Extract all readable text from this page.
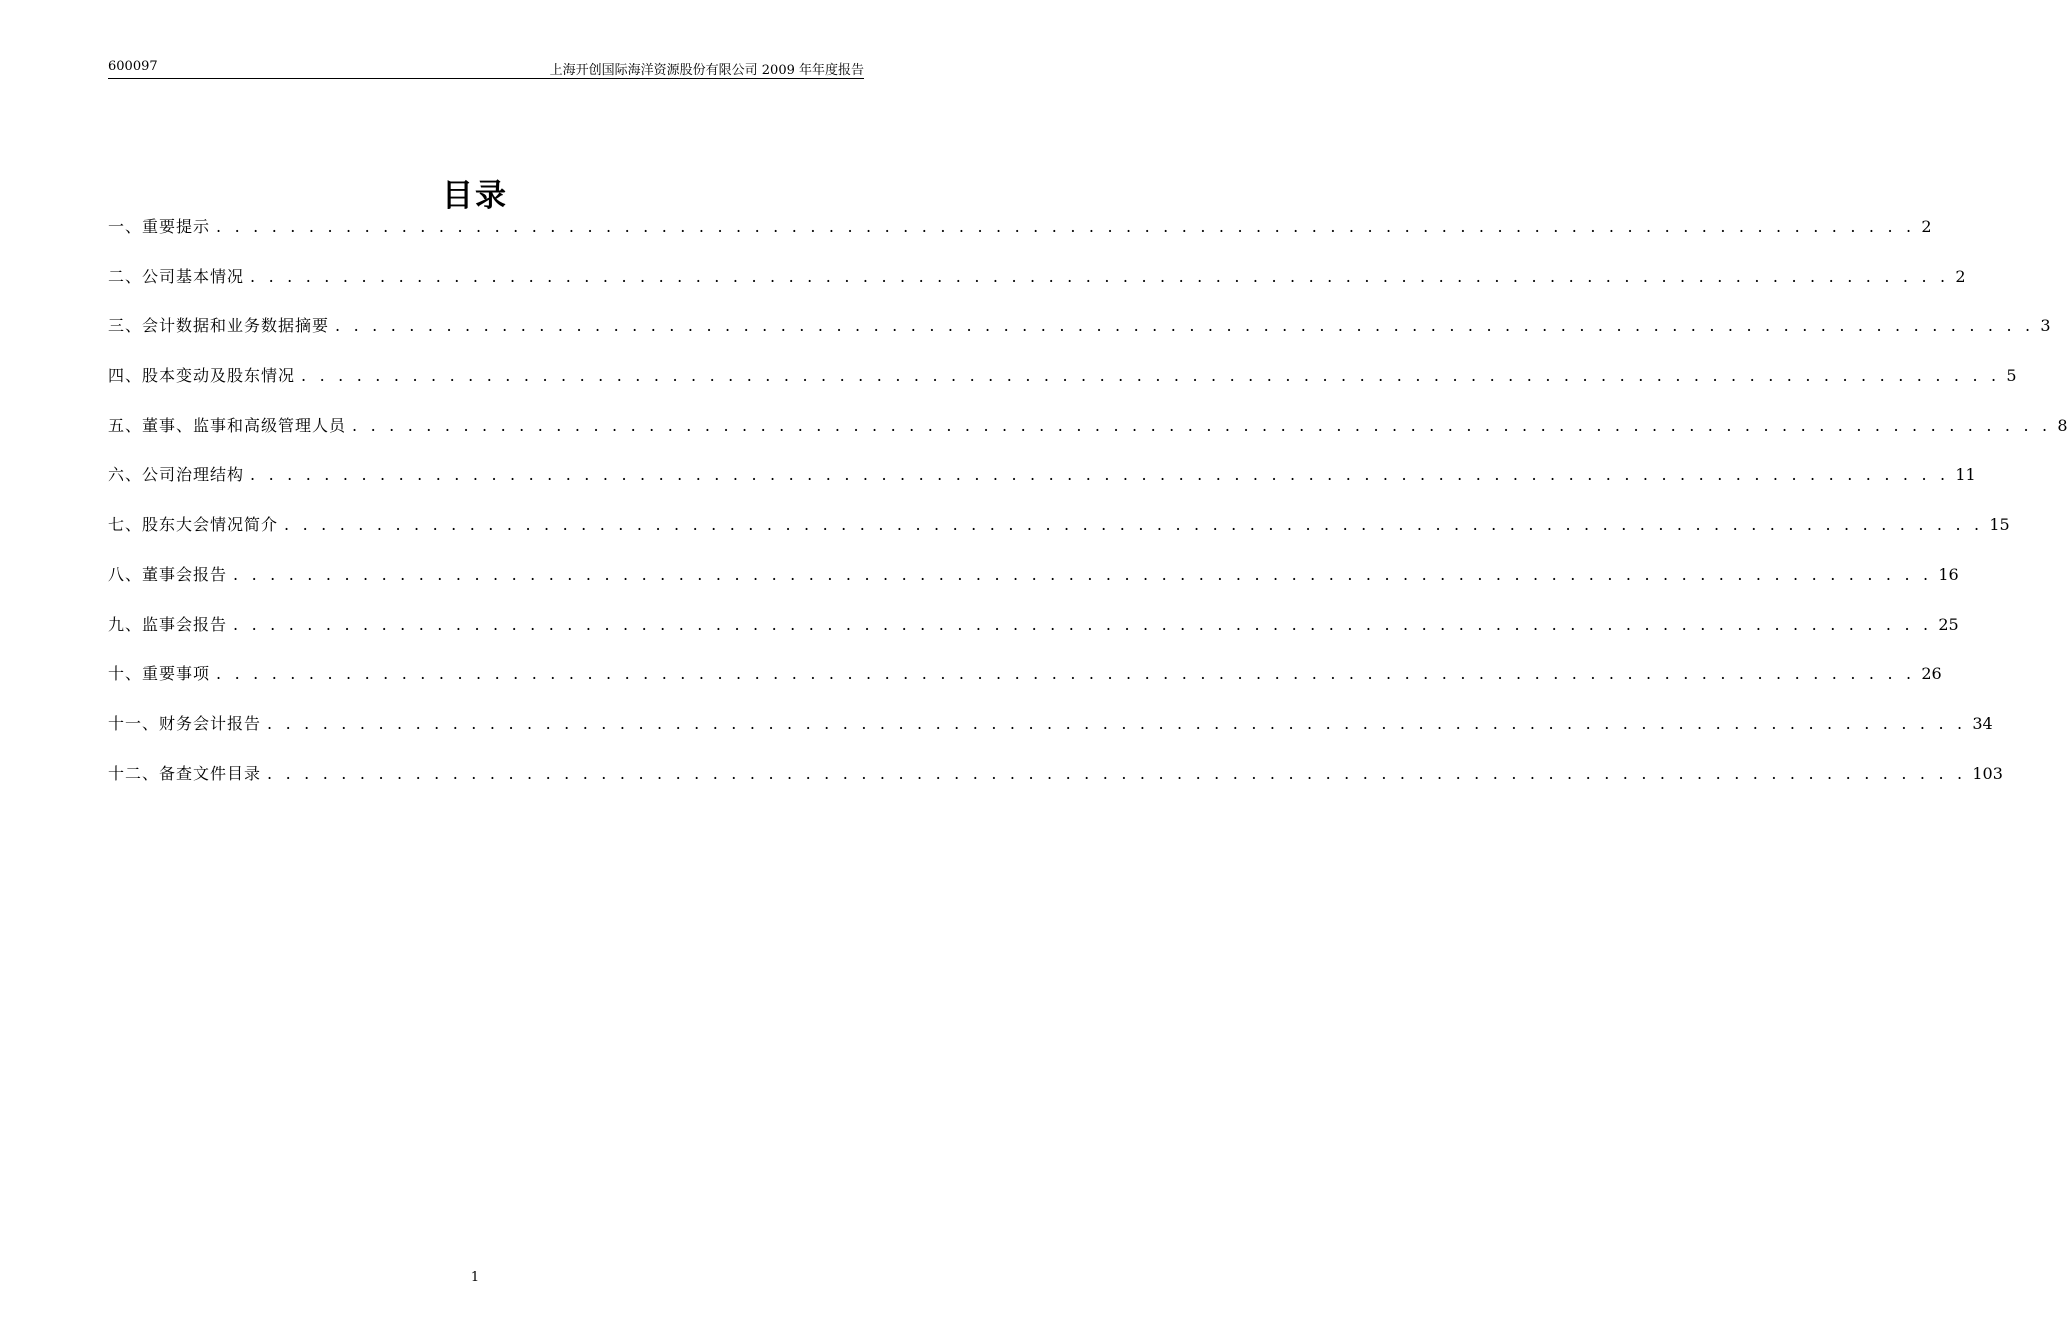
600097	上海开创国际海洋资源股份有限公司 2009 年年度报告
目录
一、重要提示 . . . . . . . . . . . . . . . . . . . . . . . . . . . . . . . . . . . . . . . . . . . . . . . . . . . . . . . . . . . . . . . . . . . . . . . . . . . . . . . . . . . . . . . . . . . . 2
二、公司基本情况 . . . . . . . . . . . . . . . . . . . . . . . . . . . . . . . . . . . . . . . . . . . . . . . . . . . . . . . . . . . . . . . . . . . . . . . . . . . . . . . . . . . . . . . . . . . . 2
三、会计数据和业务数据摘要 . . . . . . . . . . . . . . . . . . . . . . . . . . . . . . . . . . . . . . . . . . . . . . . . . . . . . . . . . . . . . . . . . . . . . . . . . . . . . . . . . . . . . . . . . . . . 3
四、股本变动及股东情况 . . . . . . . . . . . . . . . . . . . . . . . . . . . . . . . . . . . . . . . . . . . . . . . . . . . . . . . . . . . . . . . . . . . . . . . . . . . . . . . . . . . . . . . . . . . . 5
五、董事、监事和高级管理人员 . . . . . . . . . . . . . . . . . . . . . . . . . . . . . . . . . . . . . . . . . . . . . . . . . . . . . . . . . . . . . . . . . . . . . . . . . . . . . . . . . . . . . . . . . . . . 8
六、公司治理结构 . . . . . . . . . . . . . . . . . . . . . . . . . . . . . . . . . . . . . . . . . . . . . . . . . . . . . . . . . . . . . . . . . . . . . . . . . . . . . . . . . . . . . . . . . . . . 11
七、股东大会情况简介 . . . . . . . . . . . . . . . . . . . . . . . . . . . . . . . . . . . . . . . . . . . . . . . . . . . . . . . . . . . . . . . . . . . . . . . . . . . . . . . . . . . . . . . . . . . . 15
八、董事会报告 . . . . . . . . . . . . . . . . . . . . . . . . . . . . . . . . . . . . . . . . . . . . . . . . . . . . . . . . . . . . . . . . . . . . . . . . . . . . . . . . . . . . . . . . . . . . 16
九、监事会报告 . . . . . . . . . . . . . . . . . . . . . . . . . . . . . . . . . . . . . . . . . . . . . . . . . . . . . . . . . . . . . . . . . . . . . . . . . . . . . . . . . . . . . . . . . . . . 25
十、重要事项 . . . . . . . . . . . . . . . . . . . . . . . . . . . . . . . . . . . . . . . . . . . . . . . . . . . . . . . . . . . . . . . . . . . . . . . . . . . . . . . . . . . . . . . . . . . . 26
十一、财务会计报告 . . . . . . . . . . . . . . . . . . . . . . . . . . . . . . . . . . . . . . . . . . . . . . . . . . . . . . . . . . . . . . . . . . . . . . . . . . . . . . . . . . . . . . . . . . . . 34
十二、备查文件目录 . . . . . . . . . . . . . . . . . . . . . . . . . . . . . . . . . . . . . . . . . . . . . . . . . . . . . . . . . . . . . . . . . . . . . . . . . . . . . . . . . . . . . . . . . . . . 103
1
